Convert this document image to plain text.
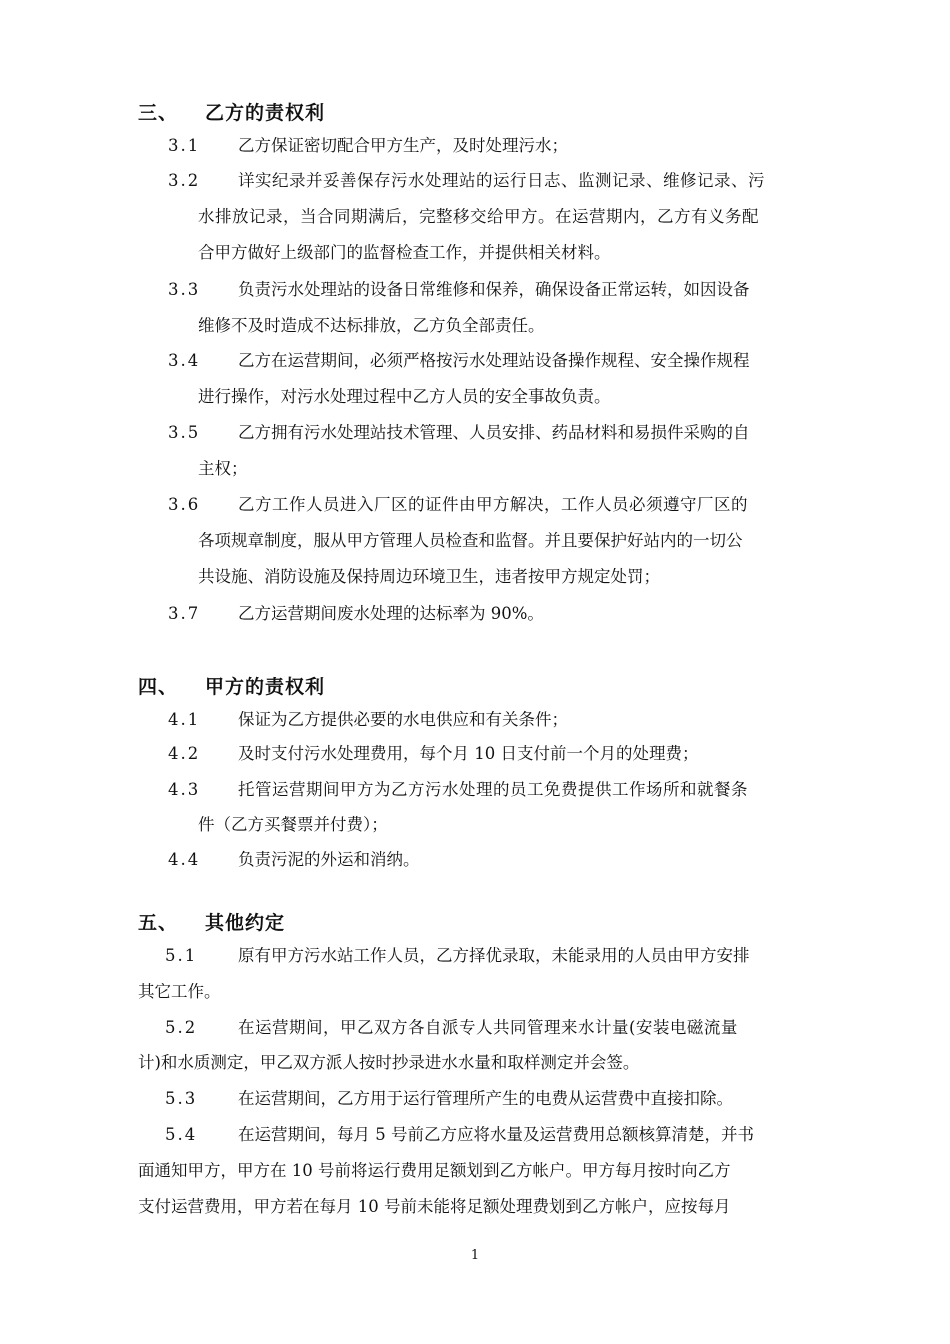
三、 乙方的责权利
3.1 乙方保证密切配合甲方生产，及时处理污水；
3.2 详实纪录并妥善保存污水处理站的运行日志、监测记录、维修记录、污
水排放记录，当合同期满后，完整移交给甲方。在运营期内，乙方有义务配
合甲方做好上级部门的监督检查工作，并提供相关材料。
3.3 负责污水处理站的设备日常维修和保养，确保设备正常运转，如因设备
维修不及时造成不达标排放，乙方负全部责任。
3.4 乙方在运营期间，必须严格按污水处理站设备操作规程、安全操作规程
进行操作，对污水处理过程中乙方人员的安全事故负责。
3.5 乙方拥有污水处理站技术管理、人员安排、药品材料和易损件采购的自
主权；
3.6 乙方工作人员进入厂区的证件由甲方解决，工作人员必须遵守厂区的
各项规章制度，服从甲方管理人员检查和监督。并且要保护好站内的一切公
共设施、消防设施及保持周边环境卫生，违者按甲方规定处罚；
3.7 乙方运营期间废水处理的达标率为 90%。
四、 甲方的责权利
4.1 保证为乙方提供必要的水电供应和有关条件；
4.2 及时支付污水处理费用，每个月 10 日支付前一个月的处理费；
4.3 托管运营期间甲方为乙方污水处理的员工免费提供工作场所和就餐条
件（乙方买餐票并付费）；
4.4 负责污泥的外运和消纳。
五、 其他约定
5.1 原有甲方污水站工作人员，乙方择优录取，未能录用的人员由甲方安排
其它工作。
5.2 在运营期间，甲乙双方各自派专人共同管理来水计量(安装电磁流量
计)和水质测定，甲乙双方派人按时抄录进水水量和取样测定并会签。
5.3 在运营期间，乙方用于运行管理所产生的电费从运营费中直接扣除。
5.4 在运营期间，每月 5 号前乙方应将水量及运营费用总额核算清楚，并书
面通知甲方，甲方在 10 号前将运行费用足额划到乙方帐户。甲方每月按时向乙方
支付运营费用，甲方若在每月 10 号前未能将足额处理费划到乙方帐户，应按每月
1
